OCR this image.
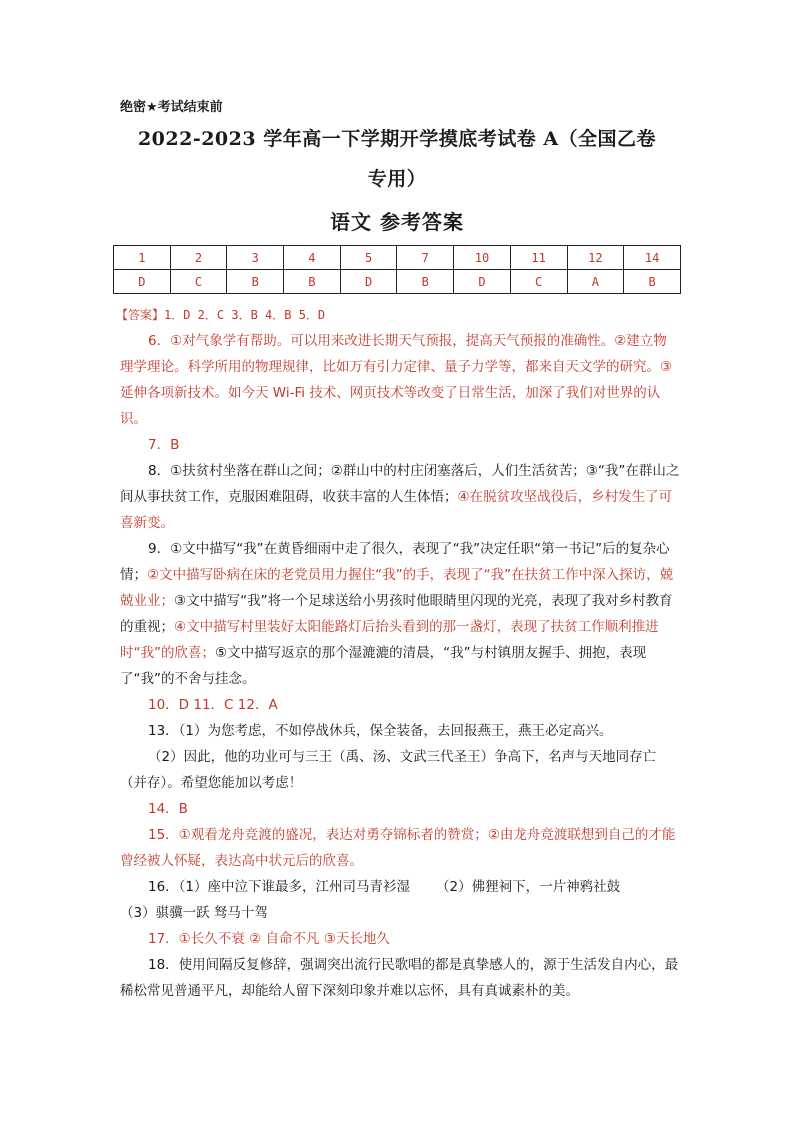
绝密★考试结束前
2022-2023 学年高一下学期开学摸底考试卷 A（全国乙卷
专用）
语文 参考答案
1	2	3	4	5	7	10	11	12	14
D	C	B	B	D	B	D	C	A	B

【答案】1．D 2．C 3．B 4．B 5．D

6．①对气象学有帮助。可以用来改进长期天气预报，提高天气预报的准确性。②建立物理学理论。科学所用的物理规律，比如万有引力定律、量子力学等，都来自天文学的研究。③延伸各项新技术。如今天 Wi-Fi 技术、网页技术等改变了日常生活，加深了我们对世界的认识。

7．B

8．①扶贫村坐落在群山之间；②群山中的村庄闭塞落后，人们生活贫苦；③“我”在群山之间从事扶贫工作，克服困难阻碍，收获丰富的人生体悟；④在脱贫攻坚战役后，乡村发生了可喜新变。

9．①文中描写“我”在黄昏细雨中走了很久，表现了“我”决定任职“第一书记”后的复杂心情；②文中描写卧病在床的老党员用力握住“我”的手，表现了“我”在扶贫工作中深入探访，兢兢业业；③文中描写“我”将一个足球送给小男孩时他眼睛里闪现的光亮，表现了我对乡村教育的重视；④文中描写村里装好太阳能路灯后抬头看到的那一盏灯，表现了扶贫工作顺利推进时“我”的欣喜；⑤文中描写返京的那个湿漉漉的清晨，“我”与村镇朋友握手、拥抱，表现了“我”的不舍与挂念。

10．D 11．C 12．A

13．（1）为您考虑，不如停战休兵，保全装备，去回报燕王，燕王必定高兴。

（2）因此，他的功业可与三王（禹、汤、文武三代圣王）争高下，名声与天地同存亡（并存）。希望您能加以考虑！

14．B

15．①观看龙舟竞渡的盛况，表达对勇夺锦标者的赞赏；②由龙舟竞渡联想到自己的才能曾经被人怀疑，表达高中状元后的欣喜。

16．（1）座中泣下谁最多，江州司马青衫湿 （2）佛狸祠下，一片神鸦社鼓

（3）骐骥一跃 驽马十驾

17．①长久不衰 ② 自命不凡 ③天长地久

18．使用间隔反复修辞，强调突出流行民歌唱的都是真挚感人的，源于生活发自内心，最稀松常见普通平凡，却能给人留下深刻印象并难以忘怀，具有真诚素朴的美。
